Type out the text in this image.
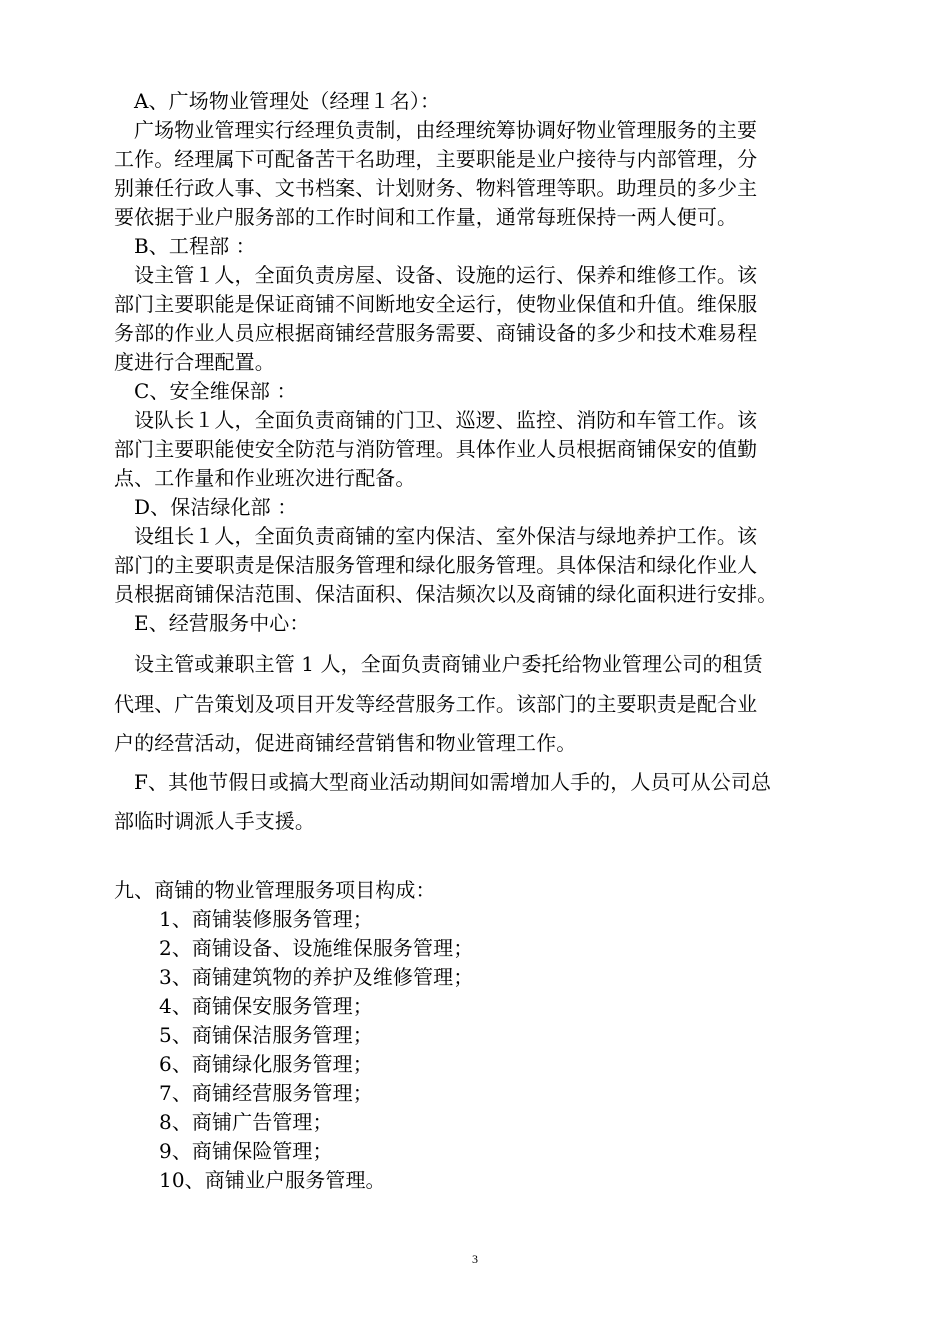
A、广场物业管理处（经理１名）：
广场物业管理实行经理负责制，由经理统筹协调好物业管理服务的主要
工作。经理属下可配备苦干名助理，主要职能是业户接待与内部管理，分
别兼任行政人事、文书档案、计划财务、物料管理等职。助理员的多少主
要依据于业户服务部的工作时间和工作量，通常每班保持一两人便可。
B、工程部 ：
设主管１人，全面负责房屋、设备、设施的运行、保养和维修工作。该
部门主要职能是保证商铺不间断地安全运行，使物业保值和升值。维保服
务部的作业人员应根据商铺经营服务需要、商铺设备的多少和技术难易程
度进行合理配置。
C、安全维保部 ：
设队长１人，全面负责商铺的门卫、巡逻、监控、消防和车管工作。该
部门主要职能使安全防范与消防管理。具体作业人员根据商铺保安的值勤
点、工作量和作业班次进行配备。
D、保洁绿化部 ：
设组长１人，全面负责商铺的室内保洁、室外保洁与绿地养护工作。该
部门的主要职责是保洁服务管理和绿化服务管理。具体保洁和绿化作业人
员根据商铺保洁范围、保洁面积、保洁频次以及商铺的绿化面积进行安排。
E、经营服务中心：
设主管或兼职主管 1 人，全面负责商铺业户委托给物业管理公司的租赁
代理、广告策划及项目开发等经营服务工作。该部门的主要职责是配合业
户的经营活动，促进商铺经营销售和物业管理工作。
F、其他节假日或搞大型商业活动期间如需增加人手的，人员可从公司总
部临时调派人手支援。
九、商铺的物业管理服务项目构成：
1、商铺装修服务管理；
2、商铺设备、设施维保服务管理；
3、商铺建筑物的养护及维修管理；
4、商铺保安服务管理；
5、商铺保洁服务管理；
6、商铺绿化服务管理；
7、商铺经营服务管理；
8、商铺广告管理；
9、商铺保险管理；
10、商铺业户服务管理。
3
